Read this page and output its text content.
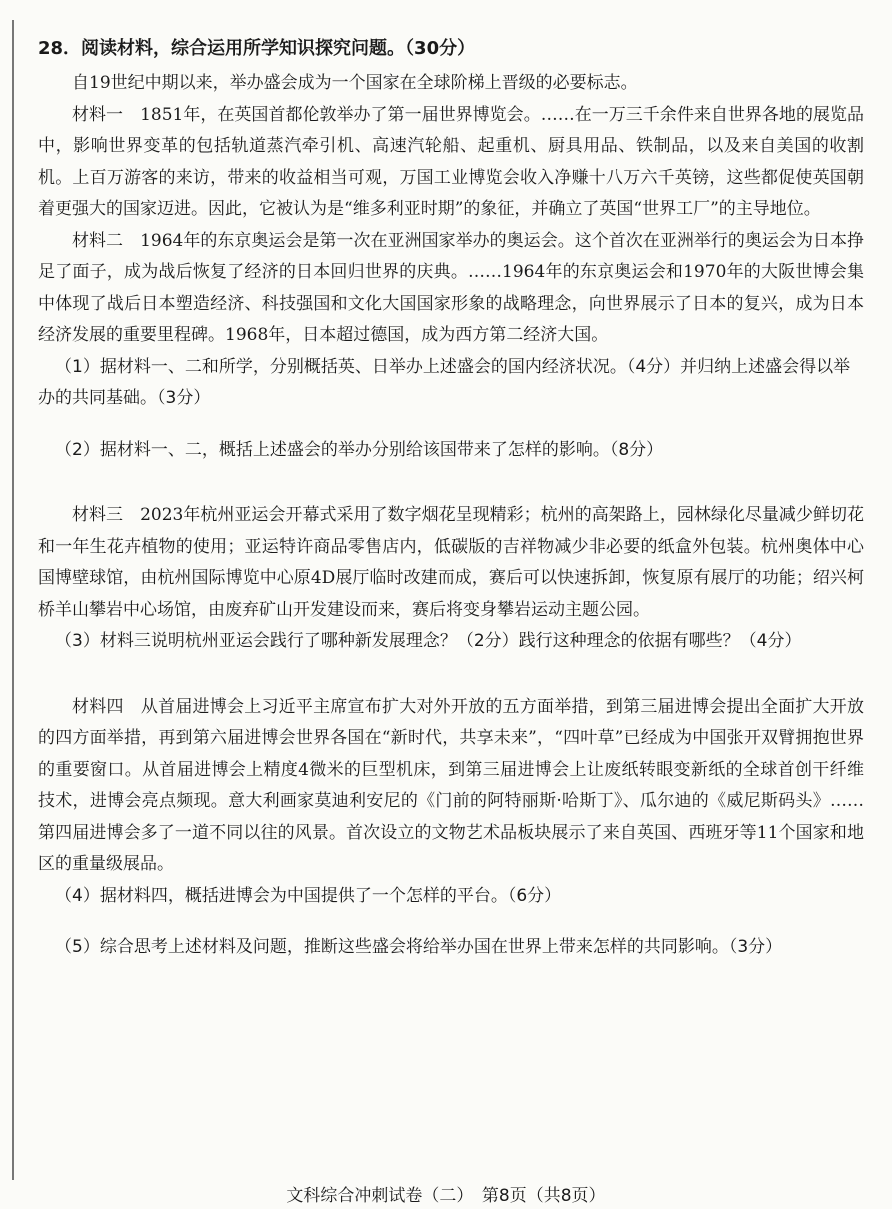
28．阅读材料，综合运用所学知识探究问题。（30分）

自19世纪中期以来，举办盛会成为一个国家在全球阶梯上晋级的必要标志。

材料一　1851年，在英国首都伦敦举办了第一届世界博览会。……在一万三千余件来自世界各地的展览品中，影响世界变革的包括轨道蒸汽牵引机、高速汽轮船、起重机、厨具用品、铁制品，以及来自美国的收割机。上百万游客的来访，带来的收益相当可观，万国工业博览会收入净赚十八万六千英镑，这些都促使英国朝着更强大的国家迈进。因此，它被认为是“维多利亚时期”的象征，并确立了英国“世界工厂”的主导地位。

材料二　1964年的东京奥运会是第一次在亚洲国家举办的奥运会。这个首次在亚洲举行的奥运会为日本挣足了面子，成为战后恢复了经济的日本回归世界的庆典。……1964年的东京奥运会和1970年的大阪世博会集中体现了战后日本塑造经济、科技强国和文化大国国家形象的战略理念，向世界展示了日本的复兴，成为日本经济发展的重要里程碑。1968年，日本超过德国，成为西方第二经济大国。

（1）据材料一、二和所学，分别概括英、日举办上述盛会的国内经济状况。（4分）并归纳上述盛会得以举办的共同基础。（3分）

（2）据材料一、二，概括上述盛会的举办分别给该国带来了怎样的影响。（8分）

材料三　2023年杭州亚运会开幕式采用了数字烟花呈现精彩；杭州的高架路上，园林绿化尽量减少鲜切花和一年生花卉植物的使用；亚运特许商品零售店内，低碳版的吉祥物减少非必要的纸盒外包装。杭州奥体中心国博壁球馆，由杭州国际博览中心原4D展厅临时改建而成，赛后可以快速拆卸，恢复原有展厅的功能；绍兴柯桥羊山攀岩中心场馆，由废弃矿山开发建设而来，赛后将变身攀岩运动主题公园。

（3）材料三说明杭州亚运会践行了哪种新发展理念？（2分）践行这种理念的依据有哪些？（4分）

材料四　从首届进博会上习近平主席宣布扩大对外开放的五方面举措，到第三届进博会提出全面扩大开放的四方面举措，再到第六届进博会世界各国在“新时代，共享未来”，“四叶草”已经成为中国张开双臂拥抱世界的重要窗口。从首届进博会上精度4微米的巨型机床，到第三届进博会上让废纸转眼变新纸的全球首创干纤维技术，进博会亮点频现。意大利画家莫迪利安尼的《门前的阿特丽斯·哈斯丁》、瓜尔迪的《威尼斯码头》……第四届进博会多了一道不同以往的风景。首次设立的文物艺术品板块展示了来自英国、西班牙等11个国家和地区的重量级展品。

（4）据材料四，概括进博会为中国提供了一个怎样的平台。（6分）

（5）综合思考上述材料及问题，推断这些盛会将给举办国在世界上带来怎样的共同影响。（3分）

文科综合冲刺试卷（二）　第8页（共8页）
